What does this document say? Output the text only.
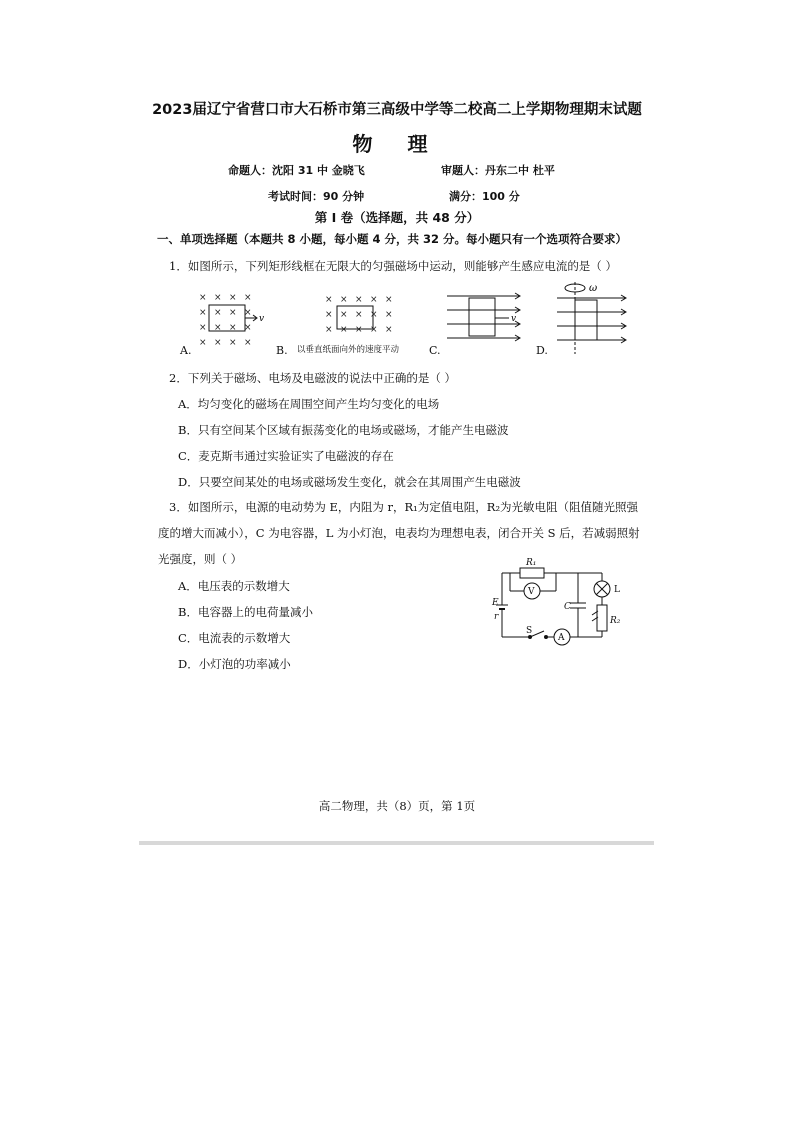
2023届辽宁省营口市大石桥市第三高级中学等二校高二上学期物理期末试题
物 理
命题人：沈阳 31 中 金晓飞	审题人：丹东二中 杜平
考试时间：90 分钟	满分：100 分
第 I 卷（选择题，共 48 分）
一、单项选择题（本题共 8 小题，每小题 4 分，共 32 分。每小题只有一个选项符合要求）
1．如图所示，下列矩形线框在无限大的匀强磁场中运动，则能够产生感应电流的是（ ）
A.	B.	C.	D.
× × × ×
× × × ×
× × × ×
× × × ×
v
× × × × ×
× × × × ×
× × × × ×
以垂直纸面向外的速度平动
v
ω
2．下列关于磁场、电场及电磁波的说法中正确的是（ ）
A．均匀变化的磁场在周围空间产生均匀变化的电场
B．只有空间某个区域有振荡变化的电场或磁场，才能产生电磁波
C．麦克斯韦通过实验证实了电磁波的存在
D．只要空间某处的电场或磁场发生变化，就会在其周围产生电磁波
3．如图所示，电源的电动势为 E，内阻为 r，R₁为定值电阻，R₂为光敏电阻（阻值随光照强
度的增大而减小），C 为电容器，L 为小灯泡，电表均为理想电表，闭合开关 S 后，若减弱照射
光强度，则（ ）
A．电压表的示数增大
B．电容器上的电荷量减小
C．电流表的示数增大
D．小灯泡的功率减小
R₁
V
A
L
R₂
C
E
r
S
高二物理，共（8）页，第 1页
